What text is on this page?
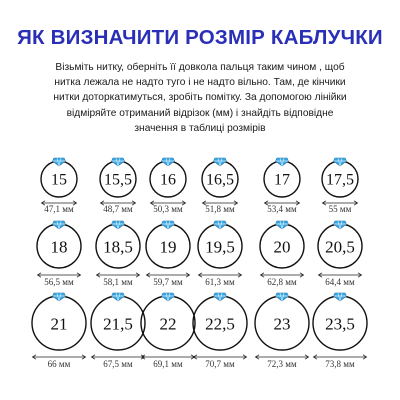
ЯК ВИЗНАЧИТИ РОЗМІР КАБЛУЧКИ
Візьміть нитку, оберніть її довкола пальця таким чином , щоб
нитка лежала не надто туго і не надто вільно. Там, де кінчики
нитки доторкатимуться, зробіть помітку. За допомогою лінійки
відміряйте отриманий відрізок (мм) і знайдіть відповідне
значення в таблиці розмірів
15
47,1 мм
15,5
48,7 мм
16
50,3 мм
16,5
51,8 мм
17
53,4 мм
17,5
55 мм
18
56,5 мм
18,5
58,1 мм
19
59,7 мм
19,5
61,3 мм
20
62,8 мм
20,5
64,4 мм
21
66 мм
21,5
67,5 мм
22
69,1 мм
22,5
70,7 мм
23
72,3 мм
23,5
73,8 мм
